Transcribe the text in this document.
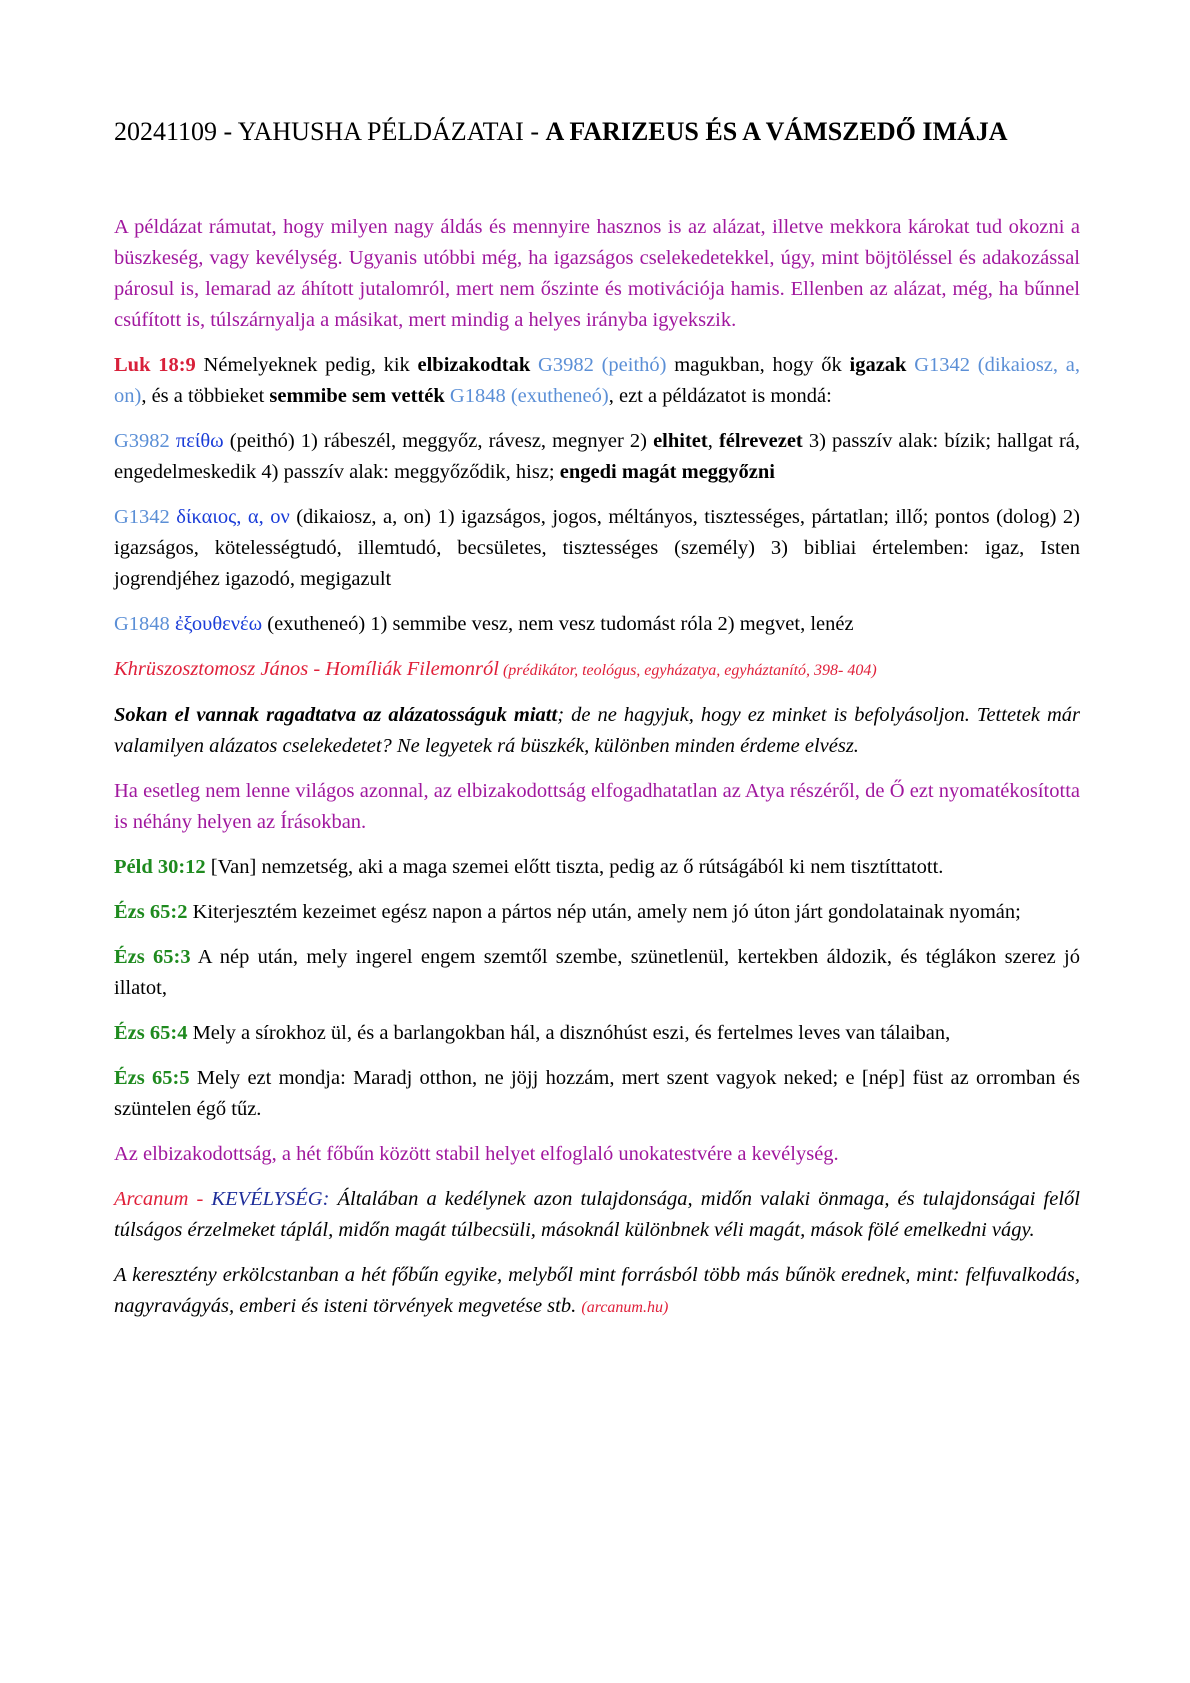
20241109 - YAHUSHA PÉLDÁZATAI - A FARIZEUS ÉS A VÁMSZEDŐ IMÁJA

A példázat rámutat, hogy milyen nagy áldás és mennyire hasznos is az alázat, illetve mekkora károkat tud okozni a büszkeség, vagy kevélység. Ugyanis utóbbi még, ha igazságos cselekedetekkel, úgy, mint böjtöléssel és adakozással párosul is, lemarad az áhított jutalomról, mert nem őszinte és motivációja hamis. Ellenben az alázat, még, ha bűnnel csúfított is, túlszárnyalja a másikat, mert mindig a helyes irányba igyekszik.

Luk 18:9 Némelyeknek pedig, kik elbizakodtak G3982 (peithó) magukban, hogy ők igazak G1342 (dikaiosz, a, on), és a többieket semmibe sem vették G1848 (exutheneó), ezt a példázatot is mondá:

G3982 πείθω (peithó) 1) rábeszél, meggyőz, rávesz, megnyer 2) elhitet, félrevezet 3) passzív alak: bízik; hallgat rá, engedelmeskedik 4) passzív alak: meggyőződik, hisz; engedi magát meggyőzni

G1342 δίκαιος, α, ον (dikaiosz, a, on) 1) igazságos, jogos, méltányos, tisztességes, pártatlan; illő; pontos (dolog) 2) igazságos, kötelességtudó, illemtudó, becsületes, tisztességes (személy) 3) bibliai értelemben: igaz, Isten jogrendjéhez igazodó, megigazult

G1848 ἐξουθενέω (exutheneó) 1) semmibe vesz, nem vesz tudomást róla 2) megvet, lenéz

Khrüszosztomosz János - Homíliák Filemonról (prédikátor, teológus, egyházatya, egyháztanító, 398- 404)

Sokan el vannak ragadtatva az alázatosságuk miatt; de ne hagyjuk, hogy ez minket is befolyásoljon. Tettetek már valamilyen alázatos cselekedetet? Ne legyetek rá büszkék, különben minden érdeme elvész.

Ha esetleg nem lenne világos azonnal, az elbizakodottság elfogadhatatlan az Atya részéről, de Ő ezt nyomatékosította is néhány helyen az Írásokban.

Péld 30:12 [Van] nemzetség, aki a maga szemei előtt tiszta, pedig az ő rútságából ki nem tisztíttatott.

Ézs 65:2 Kiterjesztém kezeimet egész napon a pártos nép után, amely nem jó úton járt gondolatainak nyomán;

Ézs 65:3 A nép után, mely ingerel engem szemtől szembe, szünetlenül, kertekben áldozik, és téglákon szerez jó illatot,

Ézs 65:4 Mely a sírokhoz ül, és a barlangokban hál, a disznóhúst eszi, és fertelmes leves van tálaiban,

Ézs 65:5 Mely ezt mondja: Maradj otthon, ne jöjj hozzám, mert szent vagyok neked; e [nép] füst az orromban és szüntelen égő tűz.

Az elbizakodottság, a hét főbűn között stabil helyet elfoglaló unokatestvére a kevélység.

Arcanum - KEVÉLYSÉG: Általában a kedélynek azon tulajdonsága, midőn valaki önmaga, és tulajdonságai felől túlságos érzelmeket táplál, midőn magát túlbecsüli, másoknál különbnek véli magát, mások fölé emelkedni vágy.

A keresztény erkölcstanban a hét főbűn egyike, melyből mint forrásból több más bűnök erednek, mint: felfuvalkodás, nagyravágyás, emberi és isteni törvények megvetése stb. (arcanum.hu)
